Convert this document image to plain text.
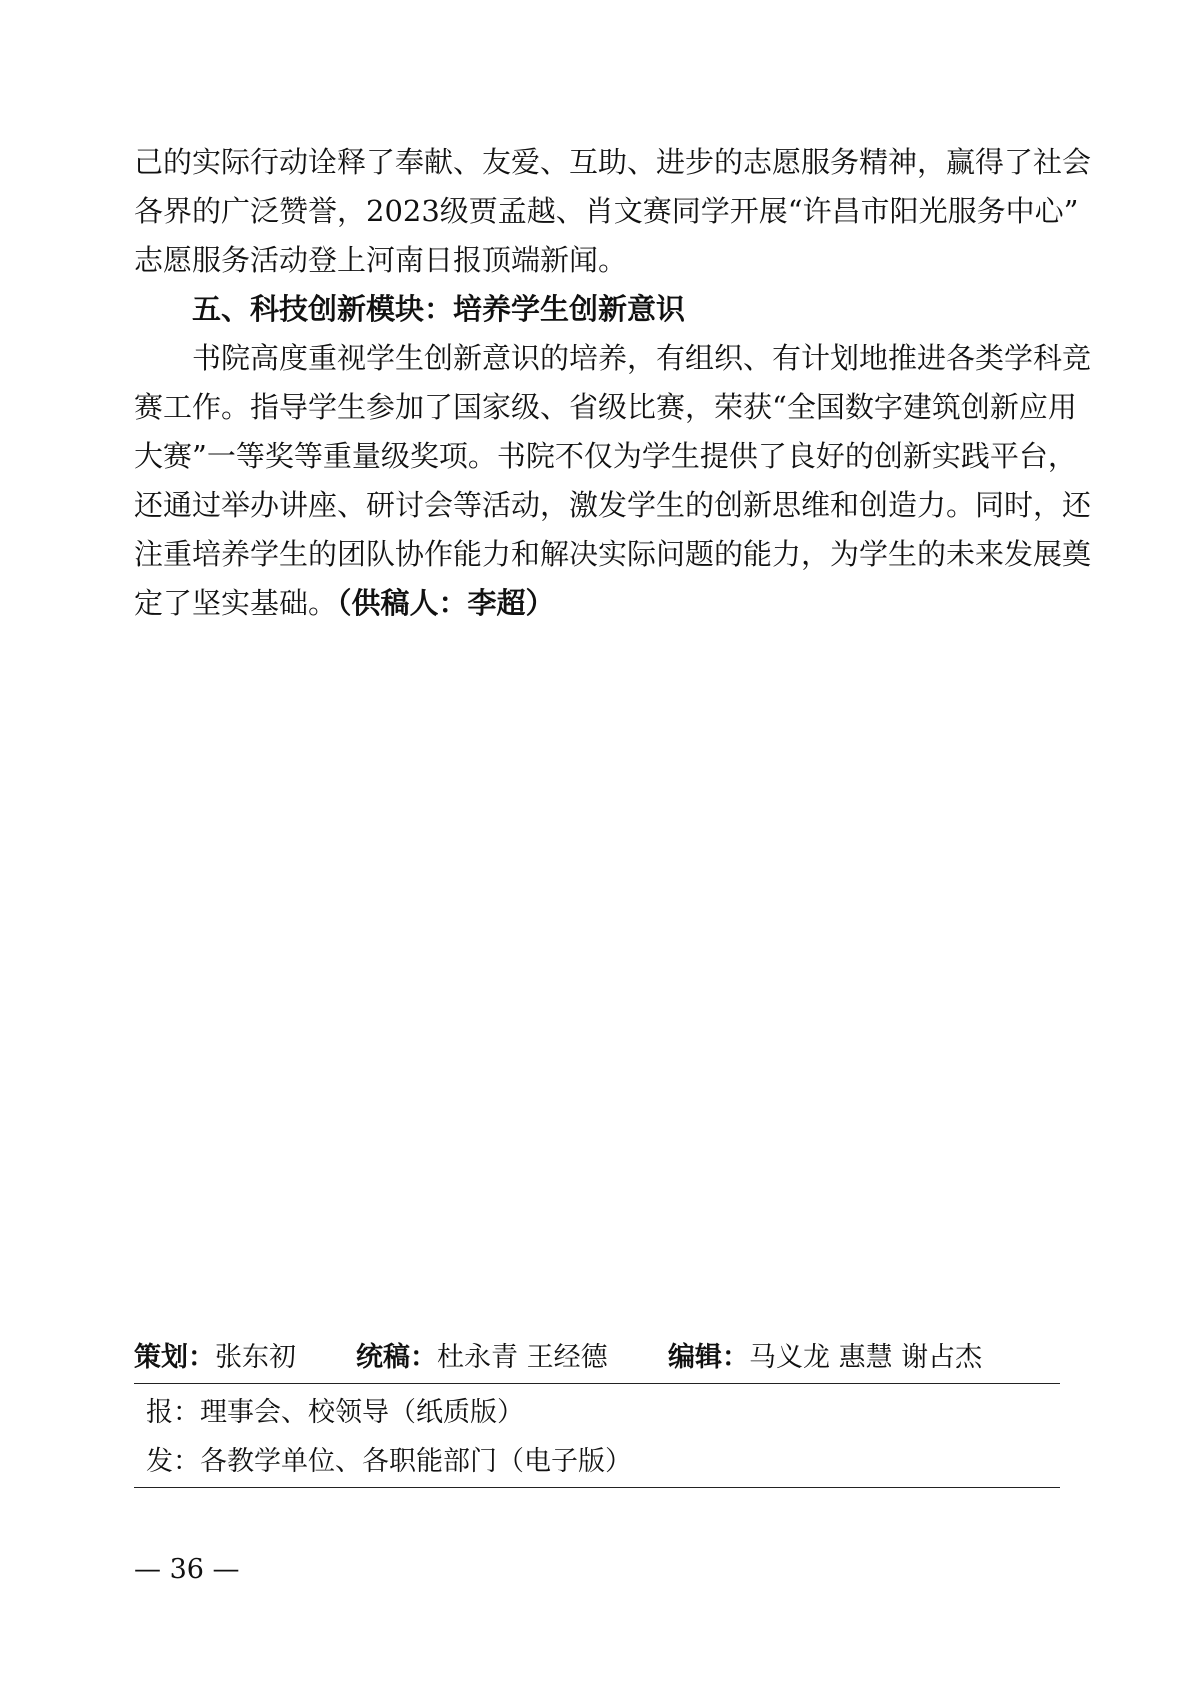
己的实际行动诠释了奉献、友爱、互助、进步的志愿服务精神，赢得了社会
各界的广泛赞誉，2023级贾孟越、肖文赛同学开展“许昌市阳光服务中心”
志愿服务活动登上河南日报顶端新闻。
五、科技创新模块：培养学生创新意识
书院高度重视学生创新意识的培养，有组织、有计划地推进各类学科竞
赛工作。指导学生参加了国家级、省级比赛，荣获“全国数字建筑创新应用
大赛”一等奖等重量级奖项。书院不仅为学生提供了良好的创新实践平台，
还通过举办讲座、研讨会等活动，激发学生的创新思维和创造力。同时，还
注重培养学生的团队协作能力和解决实际问题的能力，为学生的未来发展奠
定了坚实基础。（供稿人：李超）
策划：张东初 统稿：杜永青 王经德 编辑：马义龙 惠慧 谢占杰
报：理事会、校领导（纸质版）
发：各教学单位、各职能部门（电子版）
— 36 —
